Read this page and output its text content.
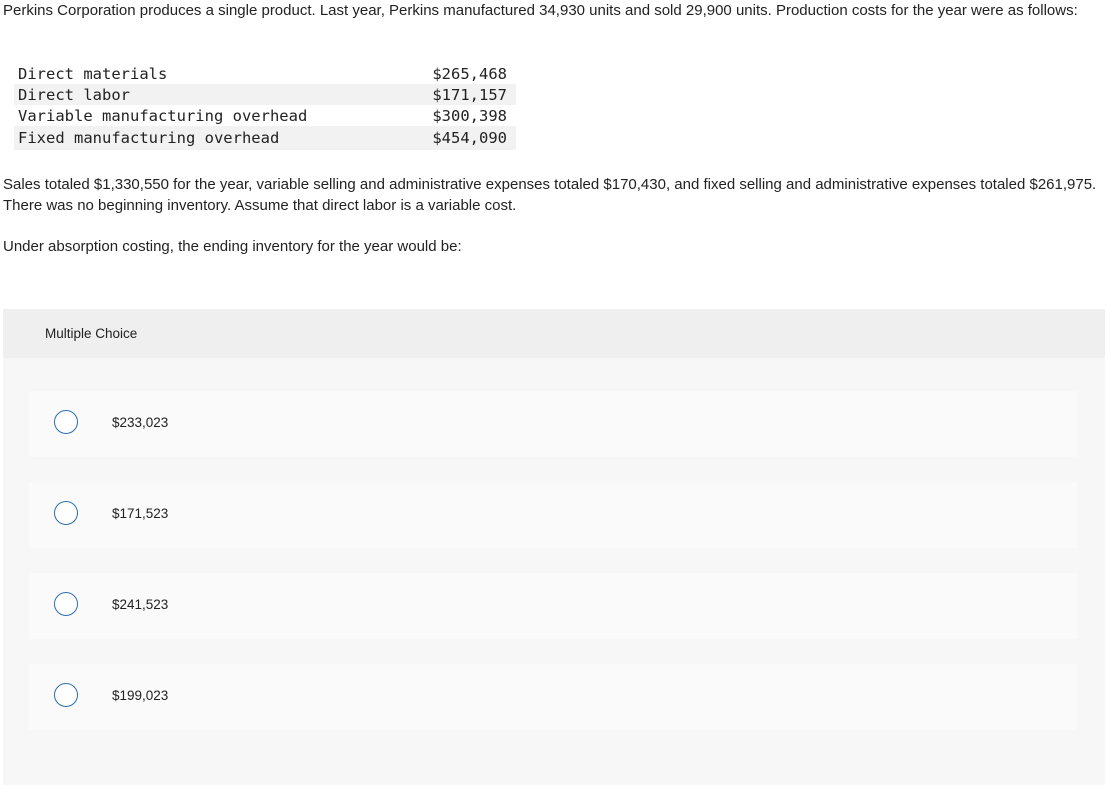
Perkins Corporation produces a single product. Last year, Perkins manufactured 34,930 units and sold 29,900 units. Production costs for the year were as follows:

Direct materials	$265,468
Direct labor	$171,157
Variable manufacturing overhead	$300,398
Fixed manufacturing overhead	$454,090

Sales totaled $1,330,550 for the year, variable selling and administrative expenses totaled $170,430, and fixed selling and administrative expenses totaled $261,975. There was no beginning inventory. Assume that direct labor is a variable cost.

Under absorption costing, the ending inventory for the year would be:

Multiple Choice
$233,023
$171,523
$241,523
$199,023
